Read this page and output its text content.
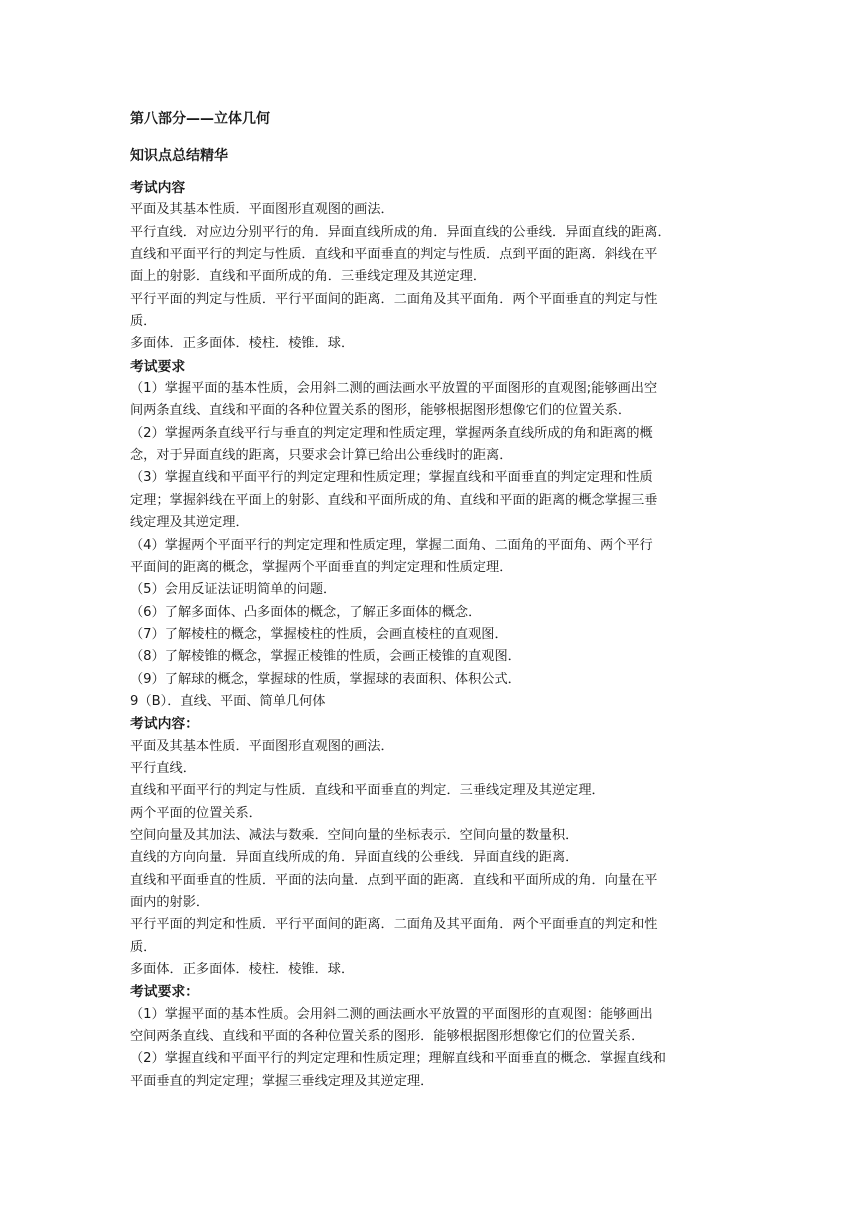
第八部分——立体几何
知识点总结精华
考试内容
平面及其基本性质．平面图形直观图的画法．
平行直线．对应边分别平行的角．异面直线所成的角．异面直线的公垂线．异面直线的距离．
直线和平面平行的判定与性质．直线和平面垂直的判定与性质．点到平面的距离．斜线在平
面上的射影．直线和平面所成的角．三垂线定理及其逆定理．
平行平面的判定与性质．平行平面间的距离．二面角及其平面角．两个平面垂直的判定与性
质．
多面体．正多面体．棱柱．棱锥．球．
考试要求
（1）掌握平面的基本性质，会用斜二测的画法画水平放置的平面图形的直观图;能够画出空
间两条直线、直线和平面的各种位置关系的图形，能够根据图形想像它们的位置关系．
（2）掌握两条直线平行与垂直的判定定理和性质定理，掌握两条直线所成的角和距离的概
念，对于异面直线的距离，只要求会计算已给出公垂线时的距离．
（3）掌握直线和平面平行的判定定理和性质定理；掌握直线和平面垂直的判定定理和性质
定理；掌握斜线在平面上的射影、直线和平面所成的角、直线和平面的距离的概念掌握三垂
线定理及其逆定理．
（4）掌握两个平面平行的判定定理和性质定理，掌握二面角、二面角的平面角、两个平行
平面间的距离的概念，掌握两个平面垂直的判定定理和性质定理．
（5）会用反证法证明简单的问题．
（6）了解多面体、凸多面体的概念，了解正多面体的概念．
（7）了解棱柱的概念，掌握棱柱的性质，会画直棱柱的直观图．
（8）了解棱锥的概念，掌握正棱锥的性质，会画正棱锥的直观图．
（9）了解球的概念，掌握球的性质，掌握球的表面积、体积公式．
9（B）．直线、平面、简单几何体
考试内容：
平面及其基本性质．平面图形直观图的画法．
平行直线．
直线和平面平行的判定与性质．直线和平面垂直的判定．三垂线定理及其逆定理．
两个平面的位置关系．
空间向量及其加法、减法与数乘．空间向量的坐标表示．空间向量的数量积．
直线的方向向量．异面直线所成的角．异面直线的公垂线．异面直线的距离．
直线和平面垂直的性质．平面的法向量．点到平面的距离．直线和平面所成的角．向量在平
面内的射影．
平行平面的判定和性质．平行平面间的距离．二面角及其平面角．两个平面垂直的判定和性
质．
多面体．正多面体．棱柱．棱锥．球．
考试要求：
（1）掌握平面的基本性质。会用斜二测的画法画水平放置的平面图形的直观图：能够画出
空间两条直线、直线和平面的各种位置关系的图形．能够根据图形想像它们的位置关系．
（2）掌握直线和平面平行的判定定理和性质定理；理解直线和平面垂直的概念．掌握直线和
平面垂直的判定定理；掌握三垂线定理及其逆定理．
